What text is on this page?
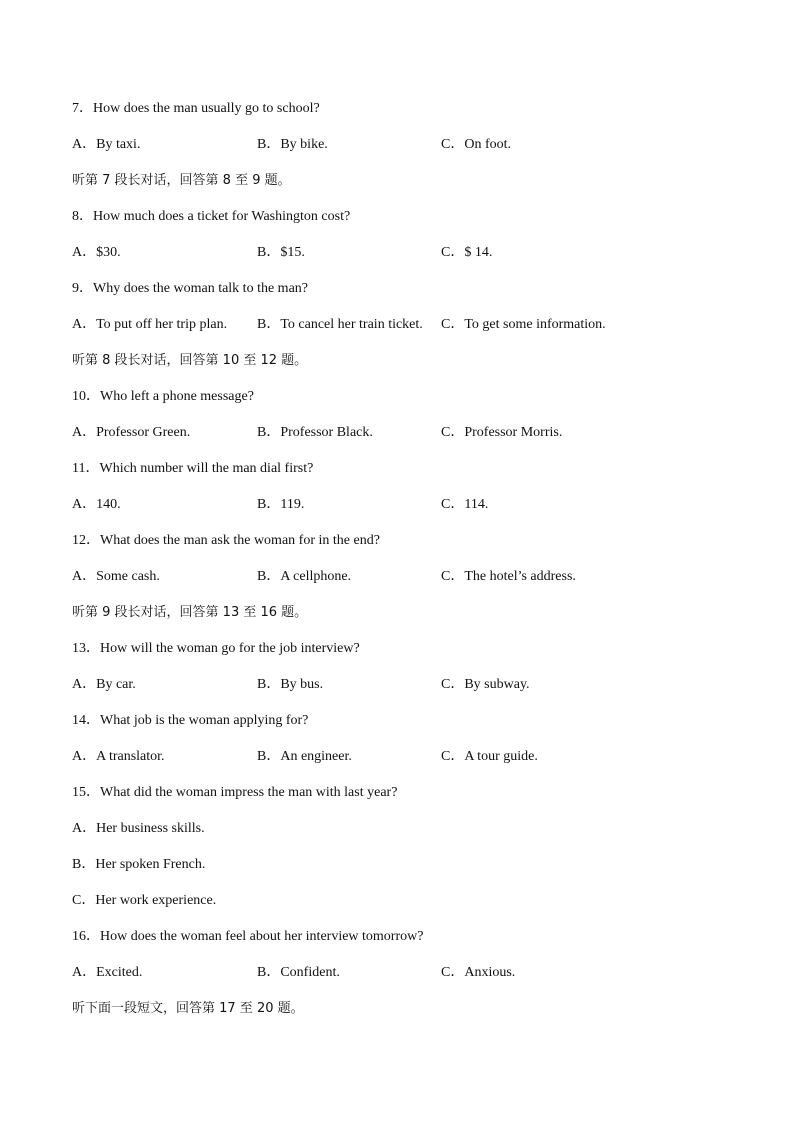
7．How does the man usually go to school?
A．By taxi.	B．By bike.	C．On foot.
听第 7 段长对话，回答第 8 至 9 题。
8．How much does a ticket for Washington cost?
A．$30.	B．$15.	C．$ 14.
9．Why does the woman talk to the man?
A．To put off her trip plan. B．To cancel her train ticket. C．To get some information.
听第 8 段长对话，回答第 10 至 12 题。
10．Who left a phone message?
A．Professor Green.	B．Professor Black.	C．Professor Morris.
11．Which number will the man dial first?
A．140.	B．119.	C．114.
12．What does the man ask the woman for in the end?
A．Some cash.	B．A cellphone.	C．The hotel’s address.
听第 9 段长对话，回答第 13 至 16 题。
13．How will the woman go for the job interview?
A．By car.	B．By bus.	C．By subway.
14．What job is the woman applying for?
A．A translator.	B．An engineer.	C．A tour guide.
15．What did the woman impress the man with last year?
A．Her business skills.
B．Her spoken French.
C．Her work experience.
16．How does the woman feel about her interview tomorrow?
A．Excited.	B．Confident.	C．Anxious.
听下面一段短文，回答第 17 至 20 题。
